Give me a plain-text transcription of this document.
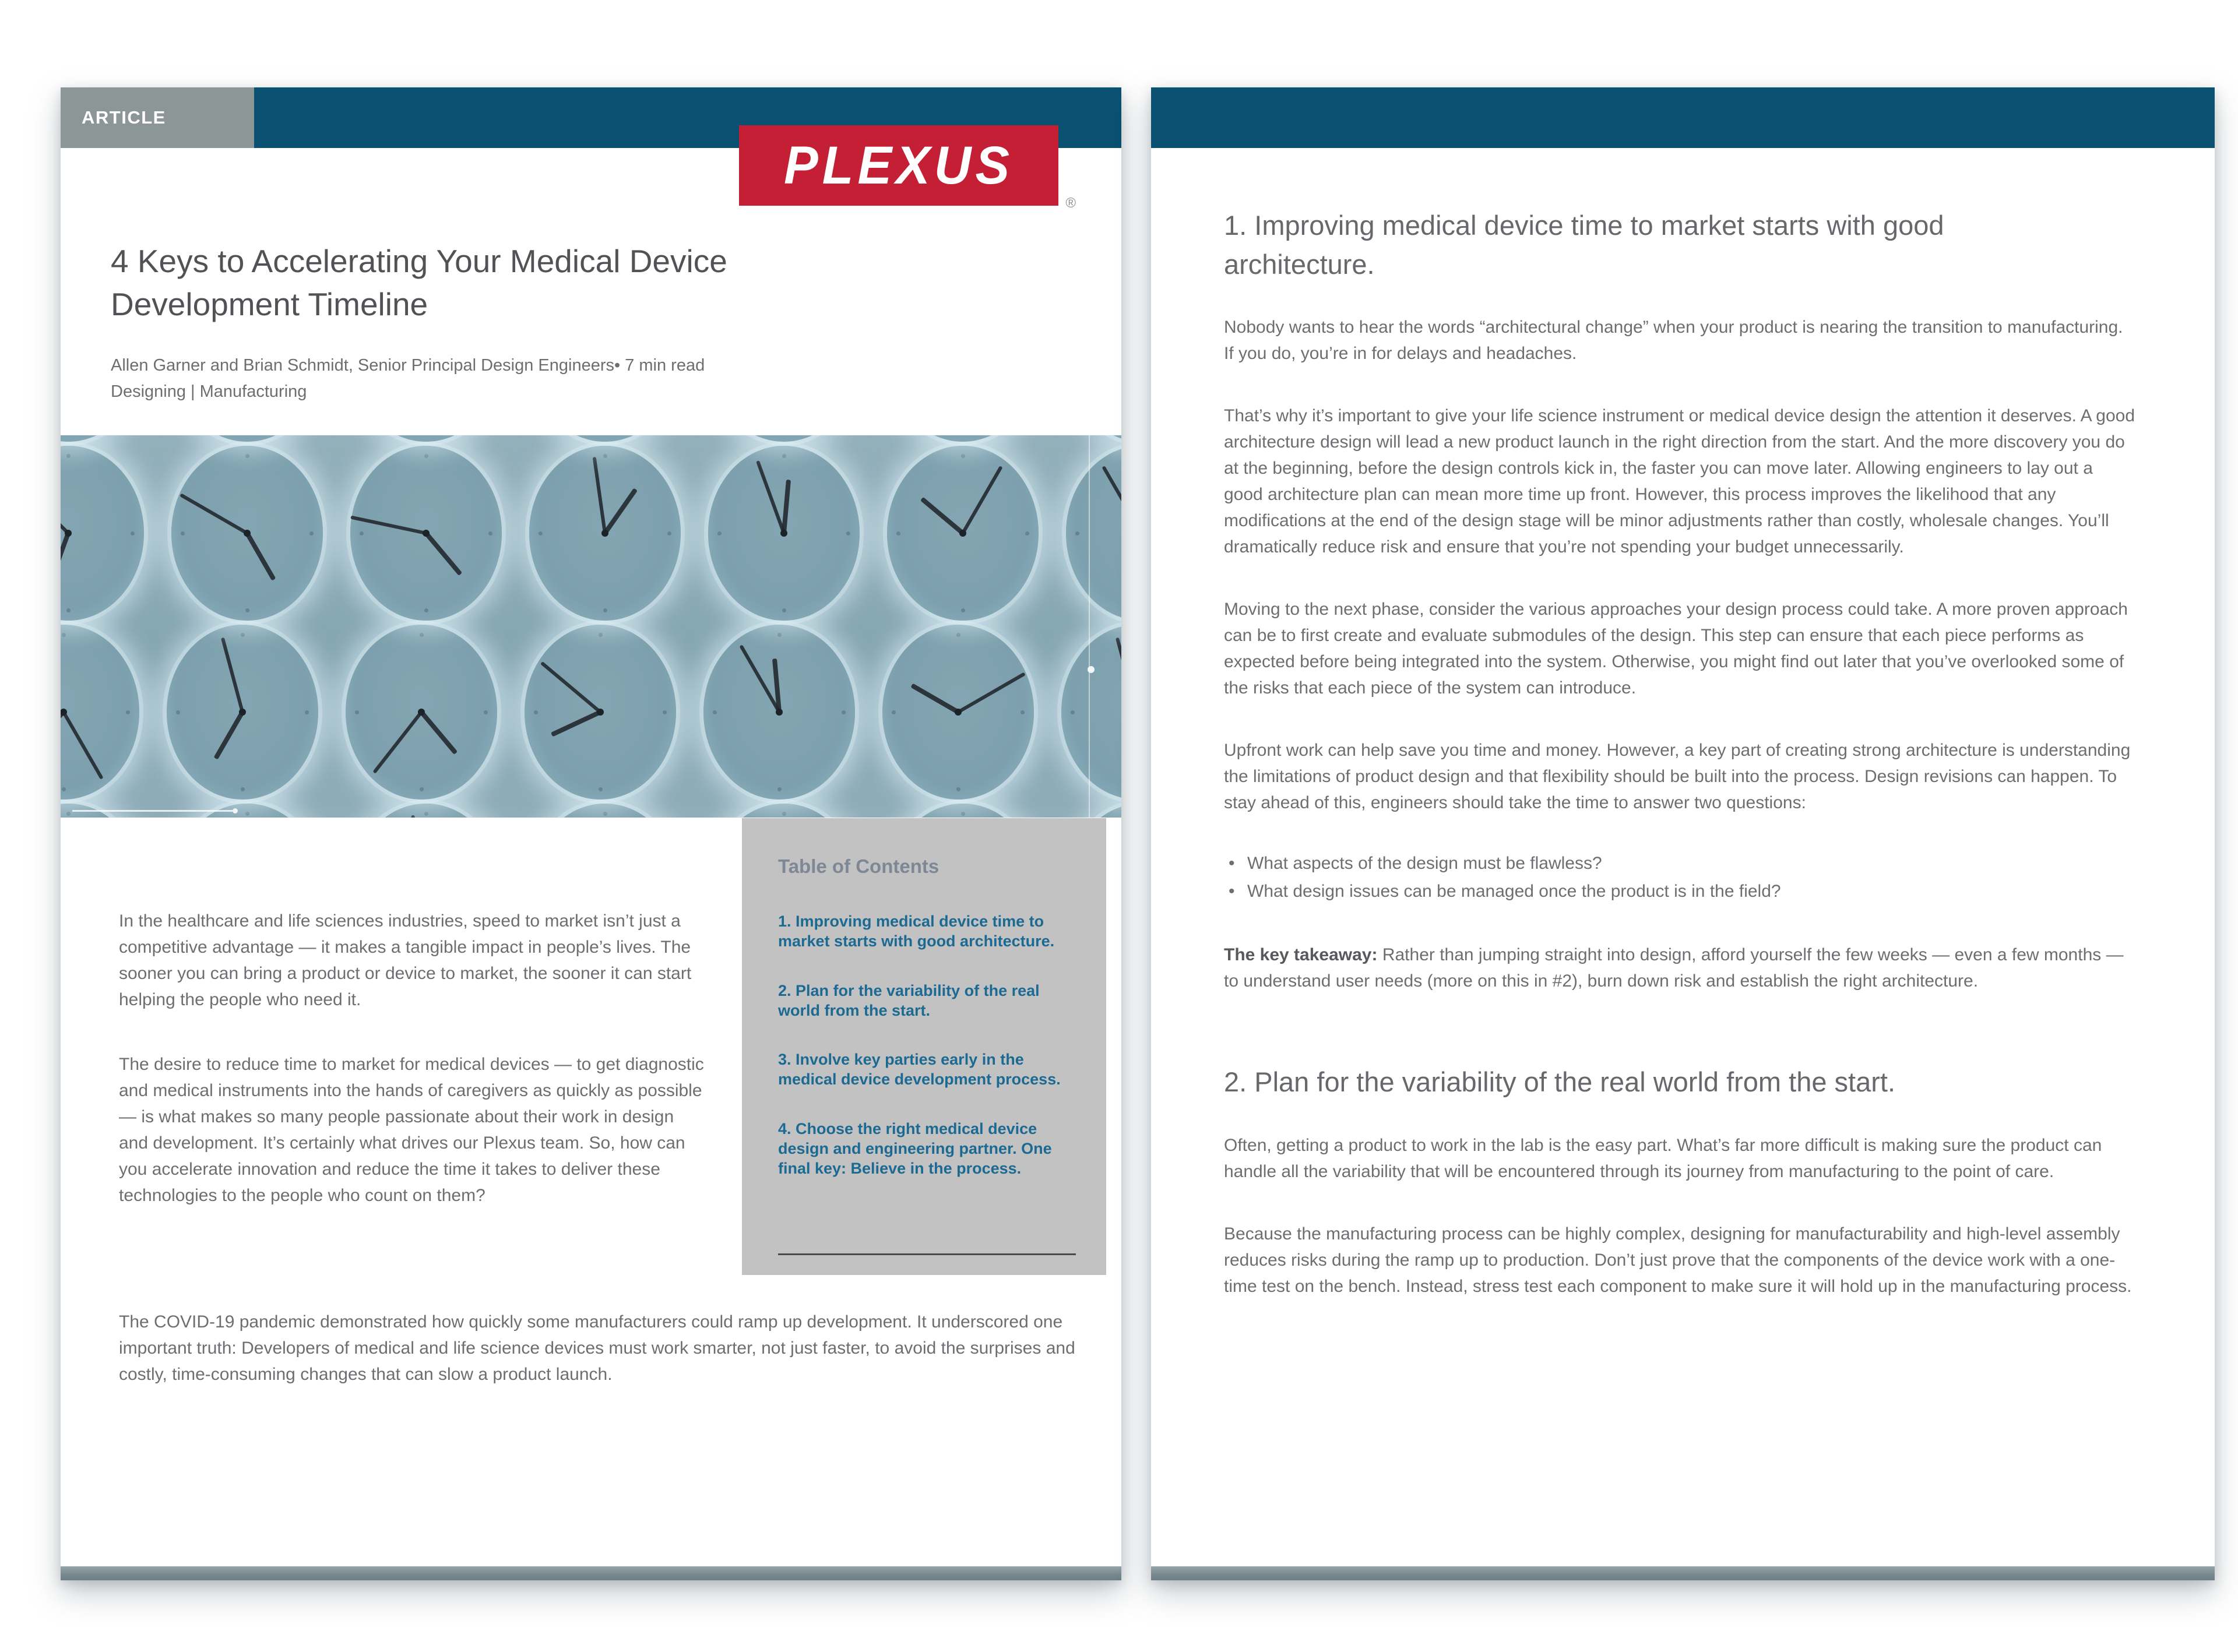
ARTICLE
PLEXUS
®
4 Keys to Accelerating Your Medical Device Development Timeline
Allen Garner and Brian Schmidt, Senior Principal Design Engineers• 7 min read
Designing | Manufacturing
Table of Contents
1. Improving medical device time to market starts with good architecture.
2. Plan for the variability of the real world from the start.
3. Involve key parties early in the medical device development process.
4. Choose the right medical device design and engineering partner. One final key: Believe in the process.

In the healthcare and life sciences industries, speed to market isn’t just a competitive advantage — it makes a tangible impact in people’s lives. The sooner you can bring a product or device to market, the sooner it can start helping the people who need it.

The desire to reduce time to market for medical devices — to get diagnostic and medical instruments into the hands of caregivers as quickly as possible — is what makes so many people passionate about their work in design and development. It’s certainly what drives our Plexus team. So, how can you accelerate innovation and reduce the time it takes to deliver these technologies to the people who count on them?

The COVID-19 pandemic demonstrated how quickly some manufacturers could ramp up development. It underscored one important truth: Developers of medical and life science devices must work smarter, not just faster, to avoid the surprises and costly, time-consuming changes that can slow a product launch.

1. Improving medical device time to market starts with good architecture.

Nobody wants to hear the words “architectural change” when your product is nearing the transition to manufacturing. If you do, you’re in for delays and headaches.

That’s why it’s important to give your life science instrument or medical device design the attention it deserves. A good architecture design will lead a new product launch in the right direction from the start. And the more discovery you do at the beginning, before the design controls kick in, the faster you can move later. Allowing engineers to lay out a good architecture plan can mean more time up front. However, this process improves the likelihood that any modifications at the end of the design stage will be minor adjustments rather than costly, wholesale changes. You’ll dramatically reduce risk and ensure that you’re not spending your budget unnecessarily.

Moving to the next phase, consider the various approaches your design process could take. A more proven approach can be to first create and evaluate submodules of the design. This step can ensure that each piece performs as expected before being integrated into the system. Otherwise, you might find out later that you’ve overlooked some of the risks that each piece of the system can introduce.

Upfront work can help save you time and money. However, a key part of creating strong architecture is understanding the limitations of product design and that flexibility should be built into the process. Design revisions can happen. To stay ahead of this, engineers should take the time to answer two questions:

• What aspects of the design must be flawless?
• What design issues can be managed once the product is in the field?

The key takeaway: Rather than jumping straight into design, afford yourself the few weeks — even a few months — to understand user needs (more on this in #2), burn down risk and establish the right architecture.

2. Plan for the variability of the real world from the start.

Often, getting a product to work in the lab is the easy part. What’s far more difficult is making sure the product can handle all the variability that will be encountered through its journey from manufacturing to the point of care.

Because the manufacturing process can be highly complex, designing for manufacturability and high-level assembly reduces risks during the ramp up to production. Don’t just prove that the components of the device work with a one-time test on the bench. Instead, stress test each component to make sure it will hold up in the manufacturing process.
